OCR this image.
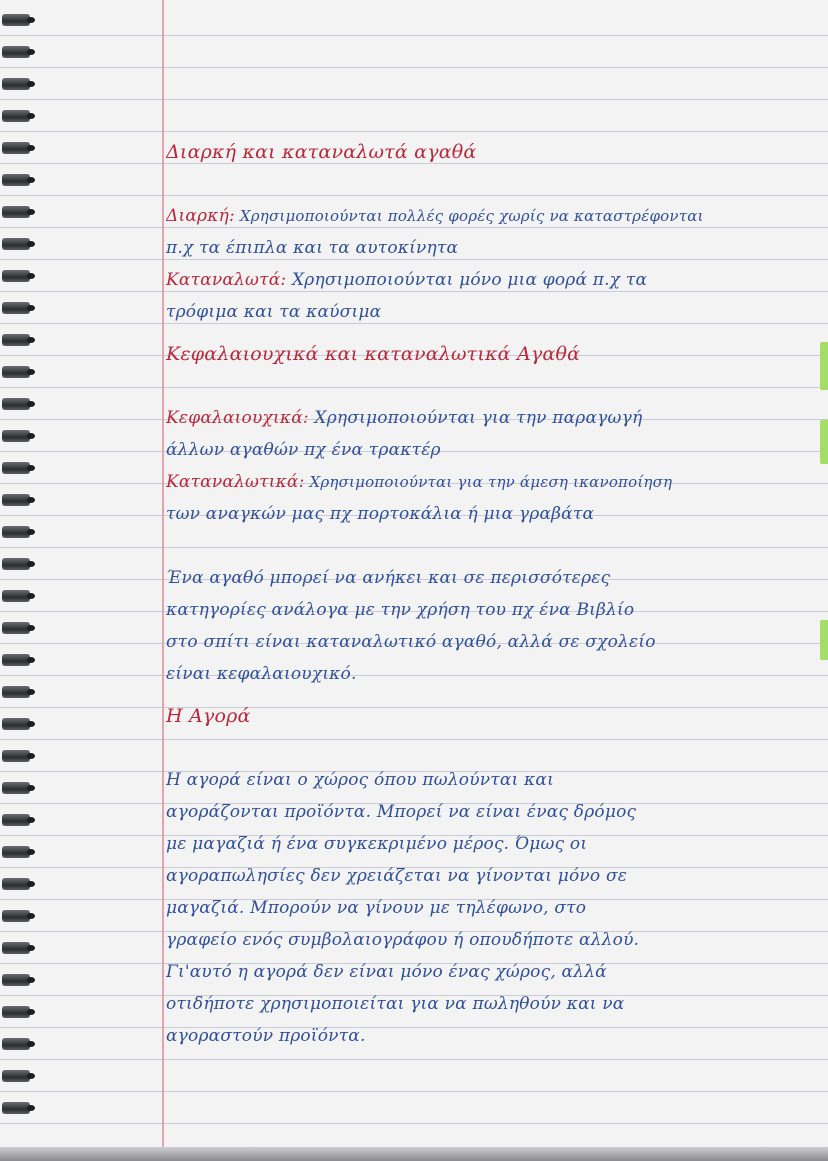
Διαρκή και καταναλωτά αγαθά
Διαρκή: Χρησιμοποιούνται πολλές φορές χωρίς να καταστρέφονται
π.χ τα έπιπλα και τα αυτοκίνητα
Καταναλωτά: Χρησιμοποιούνται μόνο μια φορά π.χ τα
τρόφιμα και τα καύσιμα
Κεφαλαιουχικά και καταναλωτικά Αγαθά
Κεφαλαιουχικά: Χρησιμοποιούνται για την παραγωγή
άλλων αγαθών πχ ένα τρακτέρ
Καταναλωτικά: Χρησιμοποιούνται για την άμεση ικανοποίηση
των αναγκών μας πχ πορτοκάλια ή μια γραβάτα
Ένα αγαθό μπορεί να ανήκει και σε περισσότερες
κατηγορίες ανάλογα με την χρήση του πχ ένα Βιβλίο
στο σπίτι είναι καταναλωτικό αγαθό, αλλά σε σχολείο
είναι κεφαλαιουχικό.
Η Αγορά
Η αγορά είναι ο χώρος όπου πωλούνται και
αγοράζονται προϊόντα. Μπορεί να είναι ένας δρόμος
με μαγαζιά ή ένα συγκεκριμένο μέρος. Όμως οι
αγοραπωλησίες δεν χρειάζεται να γίνονται μόνο σε
μαγαζιά. Μπορούν να γίνουν με τηλέφωνο, στο
γραφείο ενός συμβολαιογράφου ή οπουδήποτε αλλού.
Γι'αυτό η αγορά δεν είναι μόνο ένας χώρος, αλλά
οτιδήποτε χρησιμοποιείται για να πωληθούν και να
αγοραστούν προϊόντα.
